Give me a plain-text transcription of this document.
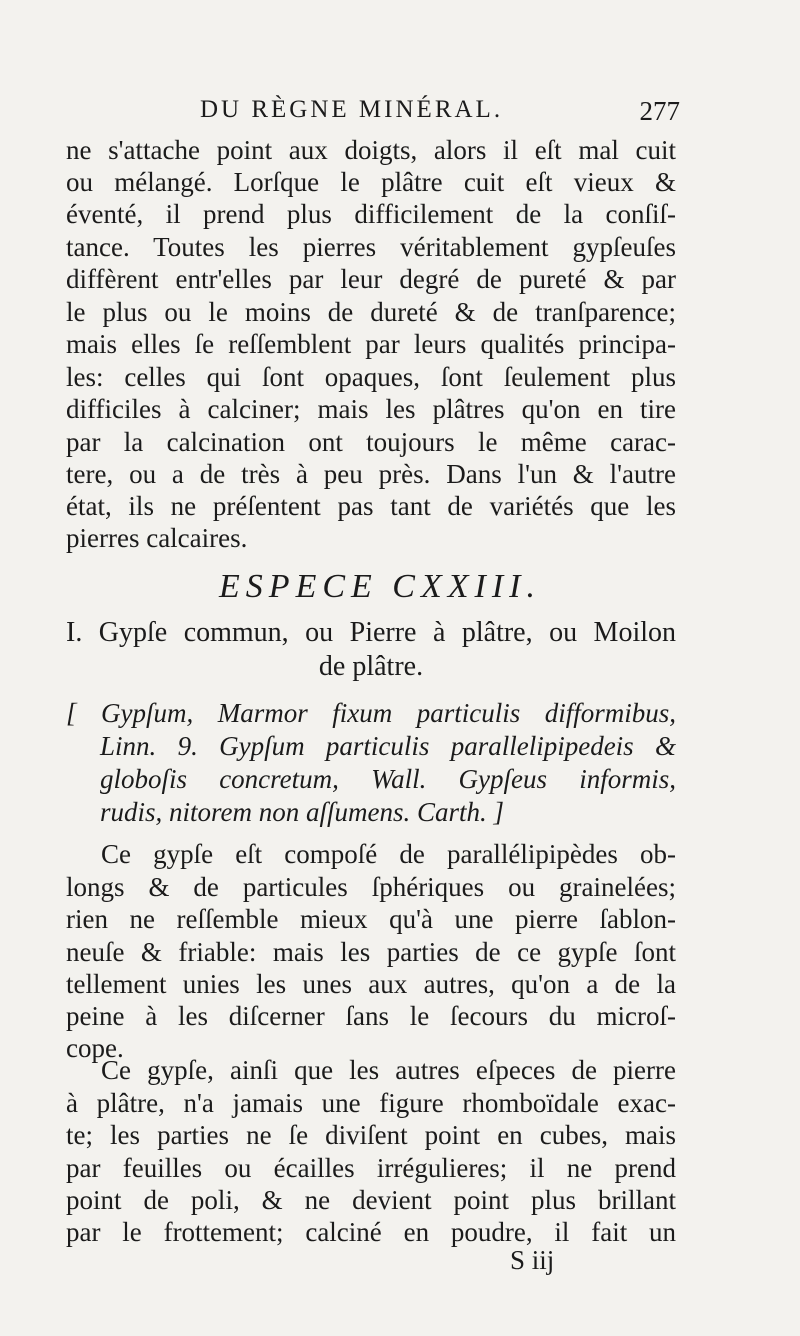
DU RÈGNE MINÉRAL.	277
ne s'attache point aux doigts, alors il eſt mal cuit
ou mélangé. Lorſque le plâtre cuit eſt vieux &
éventé, il prend plus difficilement de la conſiſ-
tance. Toutes les pierres véritablement gypſeuſes
diffèrent entr'elles par leur degré de pureté & par
le plus ou le moins de dureté & de tranſparence;
mais elles ſe reſſemblent par leurs qualités principa-
les: celles qui ſont opaques, ſont ſeulement plus
difficiles à calciner; mais les plâtres qu'on en tire
par la calcination ont toujours le même carac-
tere, ou a de très à peu près. Dans l'un & l'autre
état, ils ne préſentent pas tant de variétés que les
pierres calcaires.
ESPECE CXXIII.
I. Gypſe commun, ou Pierre à plâtre, ou Moilon
de plâtre.
[ Gypſum, Marmor fixum particulis difformibus,
Linn. 9. Gypſum particulis parallelipipedeis &
globoſis concretum, Wall. Gypſeus informis,
rudis, nitorem non aſſumens. Carth. ]
Ce gypſe eſt compoſé de parallélipipèdes ob-
longs & de particules ſphériques ou grainelées;
rien ne reſſemble mieux qu'à une pierre ſablon-
neuſe & friable: mais les parties de ce gypſe ſont
tellement unies les unes aux autres, qu'on a de la
peine à les diſcerner ſans le ſecours du microſ-
cope.
Ce gypſe, ainſi que les autres eſpeces de pierre
à plâtre, n'a jamais une figure rhomboïdale exac-
te; les parties ne ſe diviſent point en cubes, mais
par feuilles ou écailles irrégulieres; il ne prend
point de poli, & ne devient point plus brillant
par le frottement; calciné en poudre, il fait un
S iij
